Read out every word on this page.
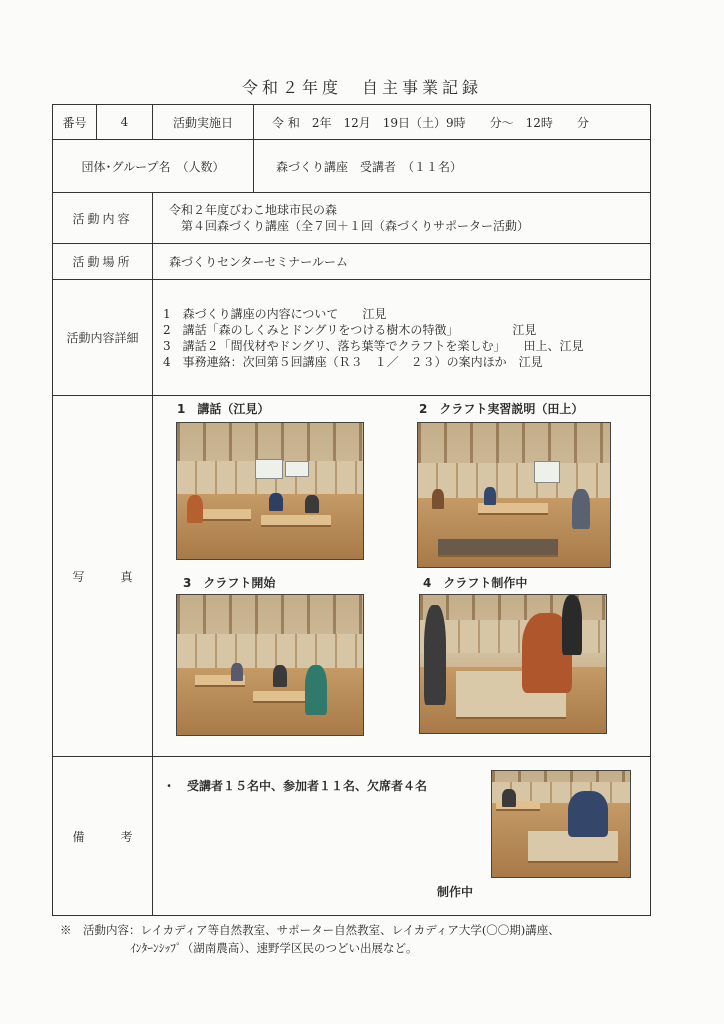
令和２年度　自主事業記録
番号	4	活動実施日	令 和　2年　12月　19日（土）9時　　分～　12時　　分
団体･グループ名　（人数）			森づくり講座　受講者　（１１名）
活動内容		令和２年度びわこ地球市民の森
第４回森づくり講座（全７回＋１回（森づくりサポーター活動）	

活動場所		森づくりセンターセミナールーム	
活動内容詳細		1　森づくり講座の内容について　　江見
2　講話「森のしくみとドングリをつける樹木の特徴」　　　　　江見
3　講話２「間伐材やドングリ、落ち葉等でクラフトを楽しむ」　　田上、江見
4　事務連絡：次回第５回講座（Ｒ３　１／　２３）の案内ほか　江見	

写　　　真		1　講話（江見） 2　クラフト実習説明（田上）
3　クラフト開始 4　クラフト制作中	

備　　　考		・　受講者１５名中、参加者１１名、欠席者４名
制作中	
※　活動内容：レイカディア等自然教室、サポーター自然教室、レイカディア大学(〇〇期)講座、
ｲﾝﾀｰﾝｼｯﾌﾟ（湖南農高）、速野学区民のつどい出展など。
